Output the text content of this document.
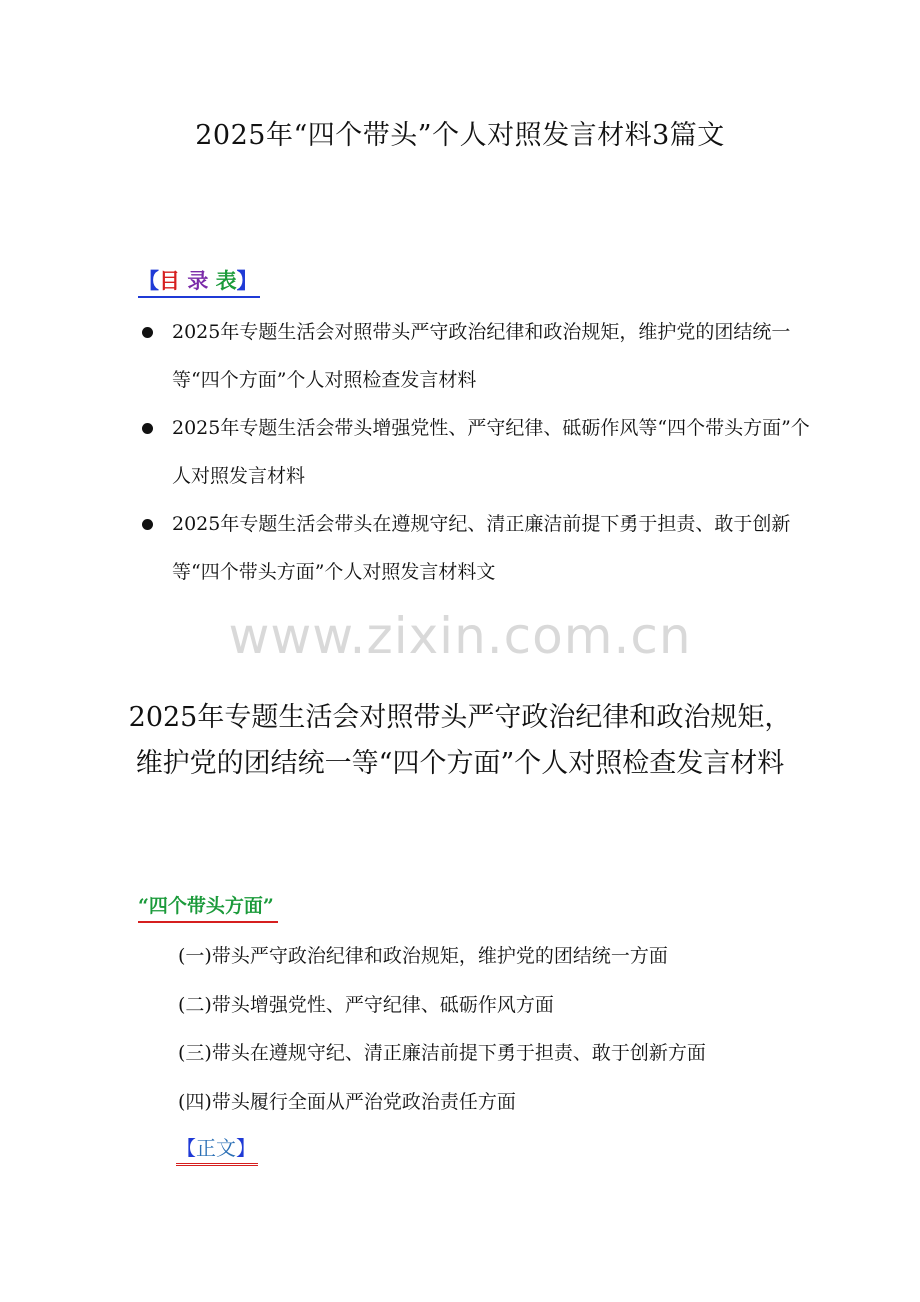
2025年“四个带头”个人对照发言材料3篇文
【目 录 表】
2025年专题生活会对照带头严守政治纪律和政治规矩，维护党的团结统一等“四个方面”个人对照检查发言材料
2025年专题生活会带头增强党性、严守纪律、砥砺作风等“四个带头方面”个人对照发言材料
2025年专题生活会带头在遵规守纪、清正廉洁前提下勇于担责、敢于创新等“四个带头方面”个人对照发言材料文
www.zixin.com.cn
2025年专题生活会对照带头严守政治纪律和政治规矩，维护党的团结统一等“四个方面”个人对照检查发言材料
“四个带头方面”
(一)带头严守政治纪律和政治规矩，维护党的团结统一方面
(二)带头增强党性、严守纪律、砥砺作风方面
(三)带头在遵规守纪、清正廉洁前提下勇于担责、敢于创新方面
(四)带头履行全面从严治党政治责任方面
【正文】
